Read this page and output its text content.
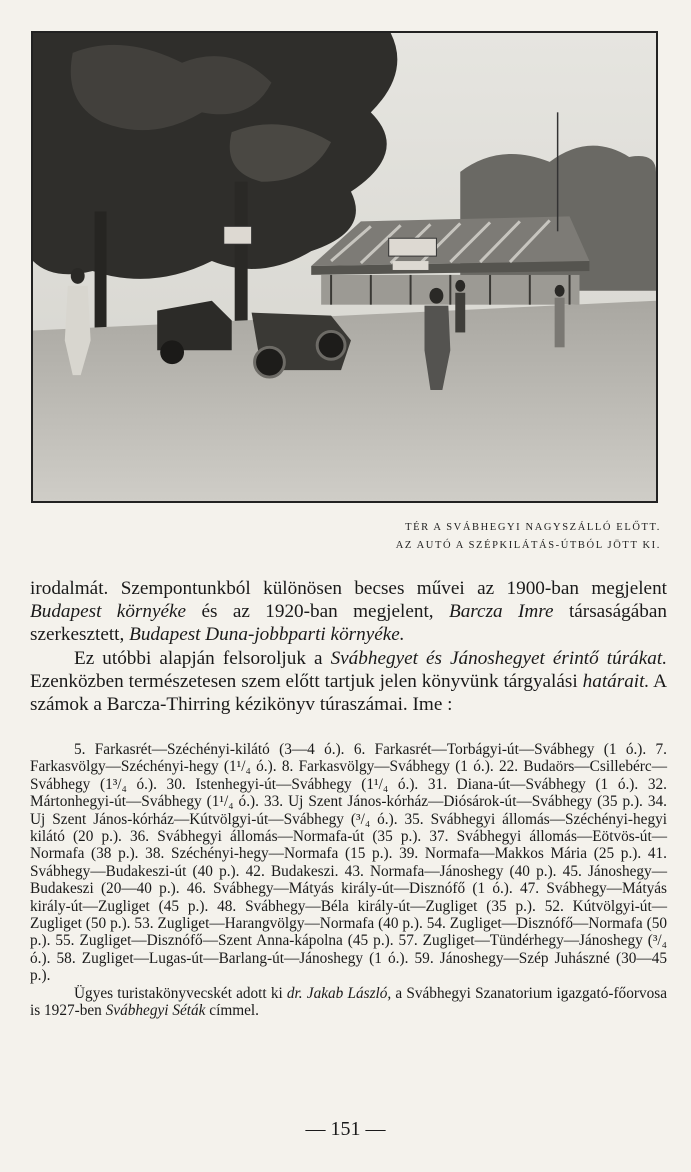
TÉR A SVÁBHEGYI NAGYSZÁLLÓ ELŐTT.
AZ AUTÓ A SZÉPKILÁTÁS-ÚTBÓL JÖTT KI.

irodalmát. Szempontunkból különösen becses művei az 1900-ban megjelent Budapest környéke és az 1920-ban megjelent, Barcza Imre társaságában szerkesztett, Budapest Duna-jobbparti környéke.

Ez utóbbi alapján felsoroljuk a Svábhegyet és Jánoshegyet érintő túrákat. Ezenközben természetesen szem előtt tartjuk jelen könyvünk tárgyalási határait. A számok a Barcza-Thirring kézikönyv túraszámai. Ime :

5. Farkasrét—Széchényi-kilátó (3—4 ó.). 6. Farkasrét—Torbágyi-út—Svábhegy (1 ó.). 7. Farkasvölgy—Széchényi-hegy (1¹/₄ ó.). 8. Farkasvölgy—Svábhegy (1 ó.). 22. Budaörs—Csillebérc—Svábhegy (1³/₄ ó.). 30. Istenhegyi-út—Svábhegy (1¹/₄ ó.). 31. Diana-út—Svábhegy (1 ó.). 32. Mártonhegyi-út—Svábhegy (1¹/₄ ó.). 33. Uj Szent János-kórház—Diósárok-út—Svábhegy (35 p.). 34. Uj Szent János-kórház—Kútvölgyi-út—Svábhegy (³/₄ ó.). 35. Svábhegyi állomás—Széchényi-hegyi kilátó (20 p.). 36. Svábhegyi állomás—Normafa-út (35 p.). 37. Svábhegyi állomás—Eötvös-út—Normafa (38 p.). 38. Széchényi-hegy—Normafa (15 p.). 39. Normafa—Makkos Mária (25 p.). 41. Svábhegy—Budakeszi-út (40 p.). 42. Budakeszi. 43. Normafa—Jánoshegy (40 p.). 45. Jánoshegy—Budakeszi (20—40 p.). 46. Svábhegy—Mátyás király-út—Disznófő (1 ó.). 47. Svábhegy—Mátyás király-út—Zugliget (45 p.). 48. Svábhegy—Béla király-út—Zugliget (35 p.). 52. Kútvölgyi-út—Zugliget (50 p.). 53. Zugliget—Harangvölgy—Normafa (40 p.). 54. Zugliget—Disznófő—Normafa (50 p.). 55. Zugliget—Disznófő—Szent Anna-kápolna (45 p.). 57. Zugliget—Tündérhegy—Jánoshegy (³/₄ ó.). 58. Zugliget—Lugas-út—Barlang-út—Jánoshegy (1 ó.). 59. Jánoshegy—Szép Juhászné (30—45 p.).

Ügyes turistakönyvecskét adott ki dr. Jakab László, a Svábhegyi Szanatorium igazgató-főorvosa is 1927-ben Svábhegyi Séták címmel.

— 151 —
